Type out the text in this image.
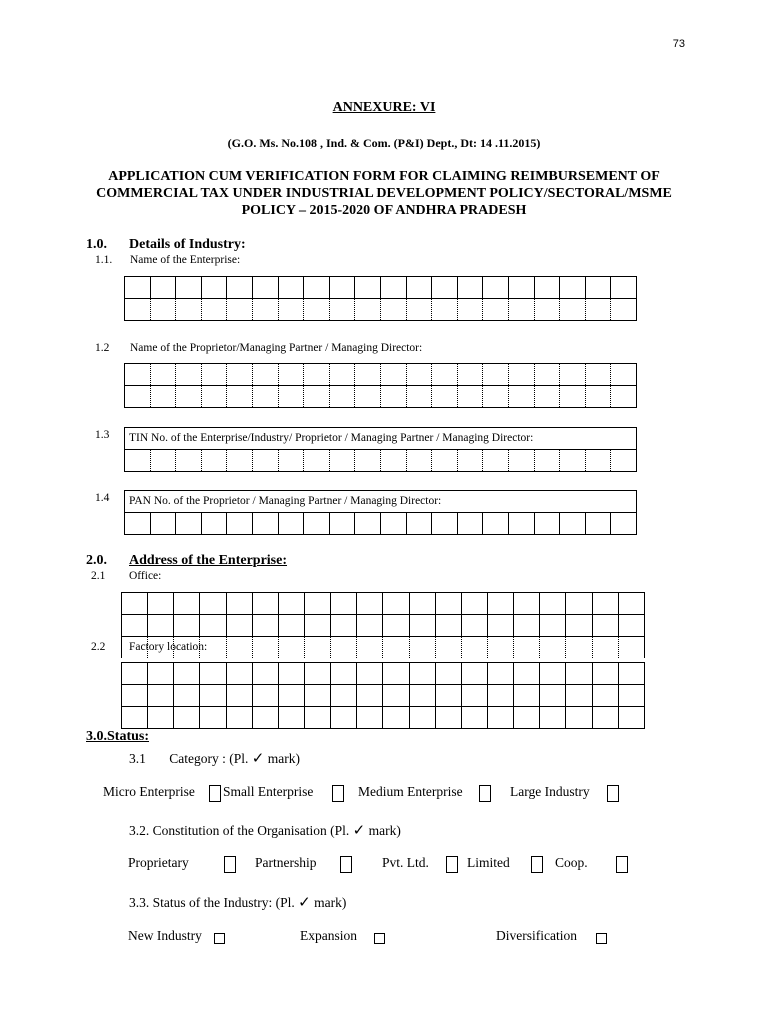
73
ANNEXURE: VI
(G.O. Ms. No.108 , Ind. & Com. (P&I) Dept., Dt: 14 .11.2015)
APPLICATION CUM VERIFICATION FORM FOR CLAIMING REIMBURSEMENT OF
COMMERCIAL TAX UNDER INDUSTRIAL DEVELOPMENT POLICY/SECTORAL/MSME
POLICY – 2015-2020 OF ANDHRA PRADESH
1.0. Details of Industry:
1.1. Name of the Enterprise:

1.2 Name of the Proprietor/Managing Partner / Managing Director:

1.3	TIN No. of the Enterprise/Industry/ Proprietor / Managing Partner / Managing Director:

1.4	PAN No. of the Proprietor / Managing Partner / Managing Director:

2.0. Address of the Enterprise:
2.1 Office:

2.2 Factory location:

3.0.Status:
3.1 Category : (Pl. ✓ mark)
Micro Enterprise Small Enterprise	Medium Enterprise	Large Industry
3.2. Constitution of the Organisation (Pl. ✓ mark)
Proprietary	Partnership	Pvt. Ltd.	Limited	Coop.
3.3. Status of the Industry: (Pl. ✓ mark)
New Industry	Expansion	Diversification
